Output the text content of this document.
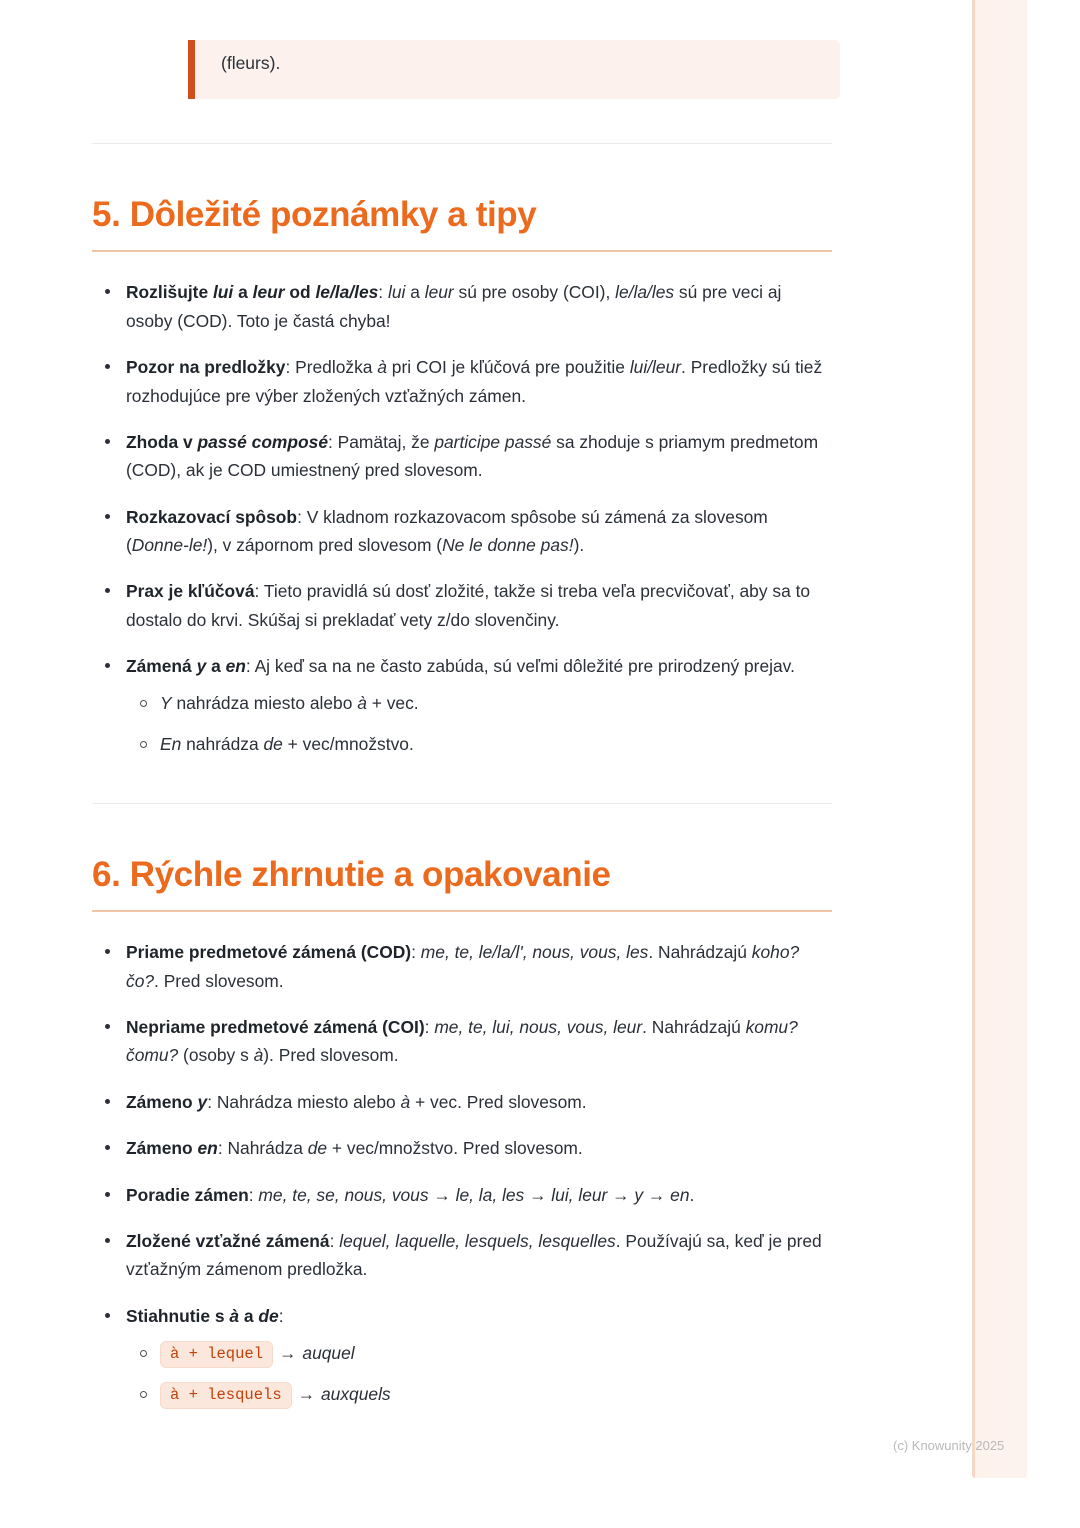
(fleurs).
5. Dôležité poznámky a tipy
Rozlišujte lui a leur od le/la/les: lui a leur sú pre osoby (COI), le/la/les sú pre veci aj osoby (COD). Toto je častá chyba!
Pozor na predložky: Predložka à pri COI je kľúčová pre použitie lui/leur. Predložky sú tiež rozhodujúce pre výber zložených vzťažných zámen.
Zhoda v passé composé: Pamätaj, že participe passé sa zhoduje s priamym predmetom (COD), ak je COD umiestnený pred slovesom.
Rozkazovací spôsob: V kladnom rozkazovacom spôsobe sú zámená za slovesom (Donne-le!), v zápornom pred slovesom (Ne le donne pas!).
Prax je kľúčová: Tieto pravidlá sú dosť zložité, takže si treba veľa precvičovať, aby sa to dostalo do krvi. Skúšaj si prekladať vety z/do slovenčiny.
Zámená y a en: Aj keď sa na ne často zabúda, sú veľmi dôležité pre prirodzený prejav.
Y nahrádza miesto alebo à + vec.
En nahrádza de + vec/množstvo.
6. Rýchle zhrnutie a opakovanie
Priame predmetové zámená (COD): me, te, le/la/l', nous, vous, les. Nahrádzajú koho? čo?. Pred slovesom.
Nepriame predmetové zámená (COI): me, te, lui, nous, vous, leur. Nahrádzajú komu? čomu? (osoby s à). Pred slovesom.
Zámeno y: Nahrádza miesto alebo à + vec. Pred slovesom.
Zámeno en: Nahrádza de + vec/množstvo. Pred slovesom.
Poradie zámen: me, te, se, nous, vous → le, la, les → lui, leur → y → en.
Zložené vzťažné zámená: lequel, laquelle, lesquels, lesquelles. Používajú sa, keď je pred vzťažným zámenom predložka.
Stiahnutie s à a de:
à + lequel → auquel
à + lesquels → auxquels
(c) Knowunity 2025
